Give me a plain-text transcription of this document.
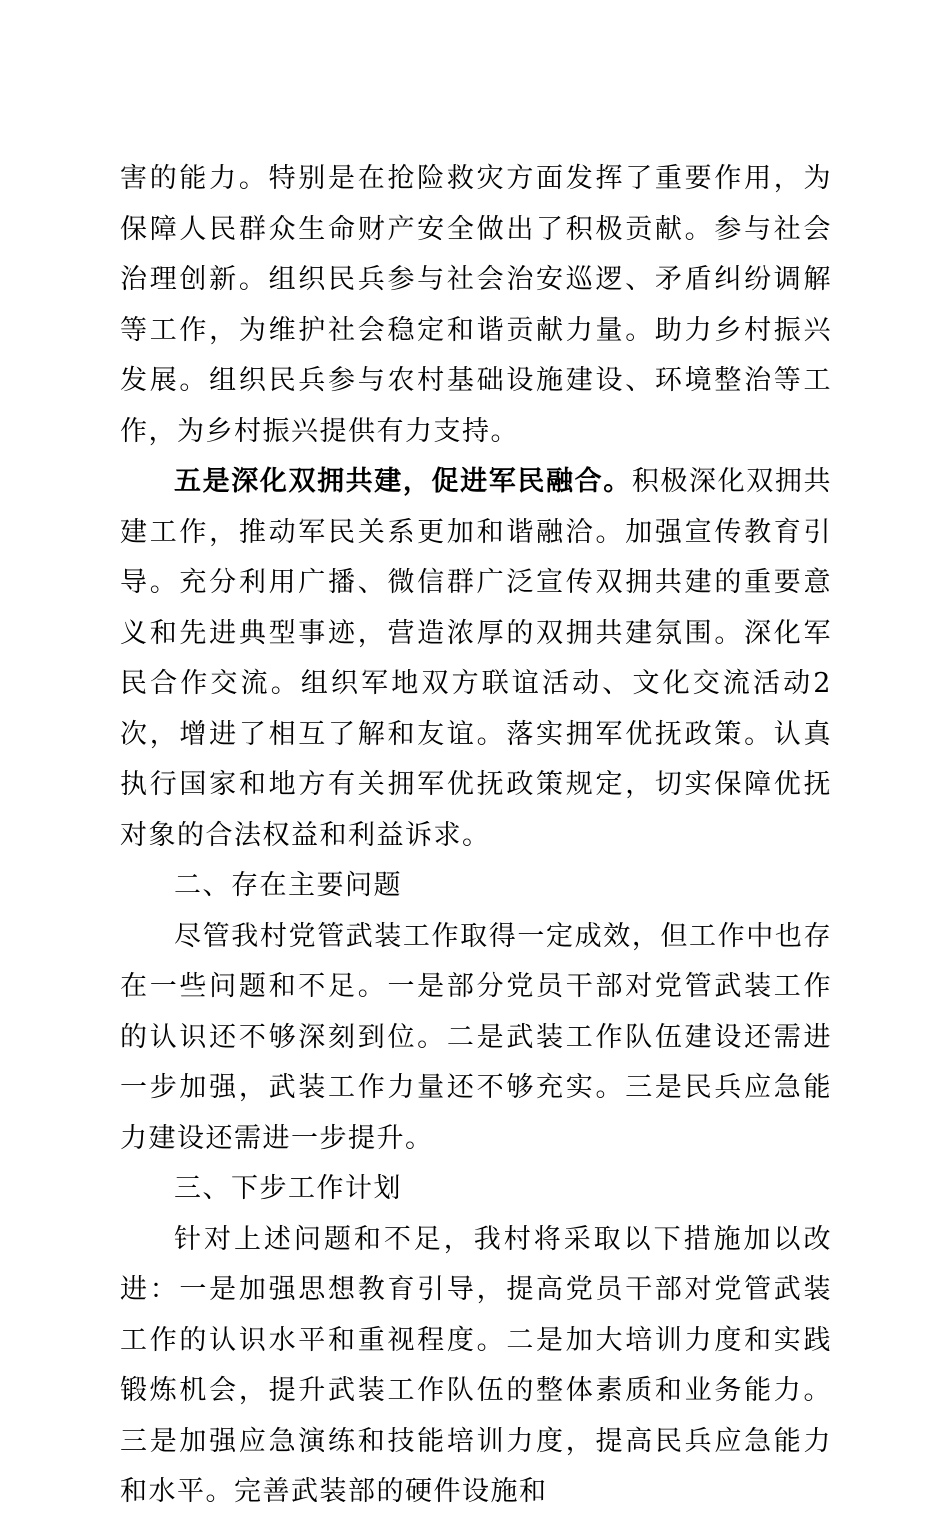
害的能力。特别是在抢险救灾方面发挥了重要作用，为保障人民群众生命财产安全做出了积极贡献。参与社会治理创新。组织民兵参与社会治安巡逻、矛盾纠纷调解等工作，为维护社会稳定和谐贡献力量。助力乡村振兴发展。组织民兵参与农村基础设施建设、环境整治等工作，为乡村振兴提供有力支持。

五是深化双拥共建，促进军民融合。积极深化双拥共建工作，推动军民关系更加和谐融洽。加强宣传教育引导。充分利用广播、微信群广泛宣传双拥共建的重要意义和先进典型事迹，营造浓厚的双拥共建氛围。深化军民合作交流。组织军地双方联谊活动、文化交流活动2次，增进了相互了解和友谊。落实拥军优抚政策。认真执行国家和地方有关拥军优抚政策规定，切实保障优抚对象的合法权益和利益诉求。

二、存在主要问题

尽管我村党管武装工作取得一定成效，但工作中也存在一些问题和不足。一是部分党员干部对党管武装工作的认识还不够深刻到位。二是武装工作队伍建设还需进一步加强，武装工作力量还不够充实。三是民兵应急能力建设还需进一步提升。

三、下步工作计划

针对上述问题和不足，我村将采取以下措施加以改进：一是加强思想教育引导，提高党员干部对党管武装工作的认识水平和重视程度。二是加大培训力度和实践锻炼机会，提升武装工作队伍的整体素质和业务能力。三是加强应急演练和技能培训力度，提高民兵应急能力和水平。完善武装部的硬件设施和
